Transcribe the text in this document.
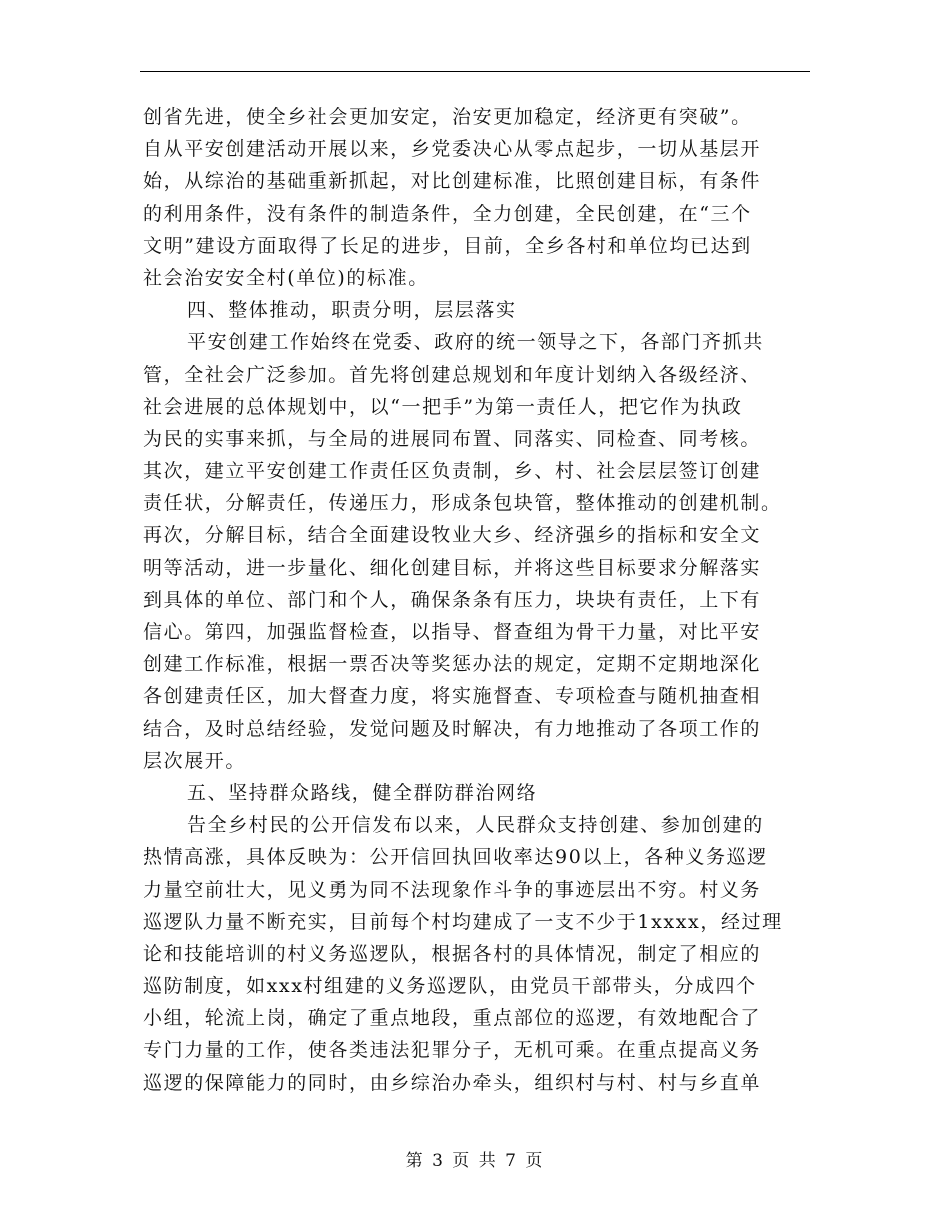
创省先进，使全乡社会更加安定，治安更加稳定，经济更有突破”。
自从平安创建活动开展以来，乡党委决心从零点起步，一切从基层开
始，从综治的基础重新抓起，对比创建标准，比照创建目标，有条件
的利用条件，没有条件的制造条件，全力创建，全民创建，在“三个
文明”建设方面取得了长足的进步，目前，全乡各村和单位均已达到
社会治安安全村(单位)的标准。
四、整体推动，职责分明，层层落实
平安创建工作始终在党委、政府的统一领导之下，各部门齐抓共
管，全社会广泛参加。首先将创建总规划和年度计划纳入各级经济、
社会进展的总体规划中，以“一把手”为第一责任人，把它作为执政
为民的实事来抓，与全局的进展同布置、同落实、同检查、同考核。
其次，建立平安创建工作责任区负责制，乡、村、社会层层签订创建
责任状，分解责任，传递压力，形成条包块管，整体推动的创建机制。
再次，分解目标，结合全面建设牧业大乡、经济强乡的指标和安全文
明等活动，进一步量化、细化创建目标，并将这些目标要求分解落实
到具体的单位、部门和个人，确保条条有压力，块块有责任，上下有
信心。第四，加强监督检查，以指导、督查组为骨干力量，对比平安
创建工作标准，根据一票否决等奖惩办法的规定，定期不定期地深化
各创建责任区，加大督查力度，将实施督查、专项检查与随机抽查相
结合，及时总结经验，发觉问题及时解决，有力地推动了各项工作的
层次展开。
五、坚持群众路线，健全群防群治网络
告全乡村民的公开信发布以来，人民群众支持创建、参加创建的
热情高涨，具体反映为：公开信回执回收率达90以上，各种义务巡逻
力量空前壮大，见义勇为同不法现象作斗争的事迹层出不穷。村义务
巡逻队力量不断充实，目前每个村均建成了一支不少于1xxxx，经过理
论和技能培训的村义务巡逻队，根据各村的具体情况，制定了相应的
巡防制度，如xxx村组建的义务巡逻队，由党员干部带头，分成四个
小组，轮流上岗，确定了重点地段，重点部位的巡逻，有效地配合了
专门力量的工作，使各类违法犯罪分子，无机可乘。在重点提高义务
巡逻的保障能力的同时，由乡综治办牵头，组织村与村、村与乡直单
第 3 页 共 7 页
